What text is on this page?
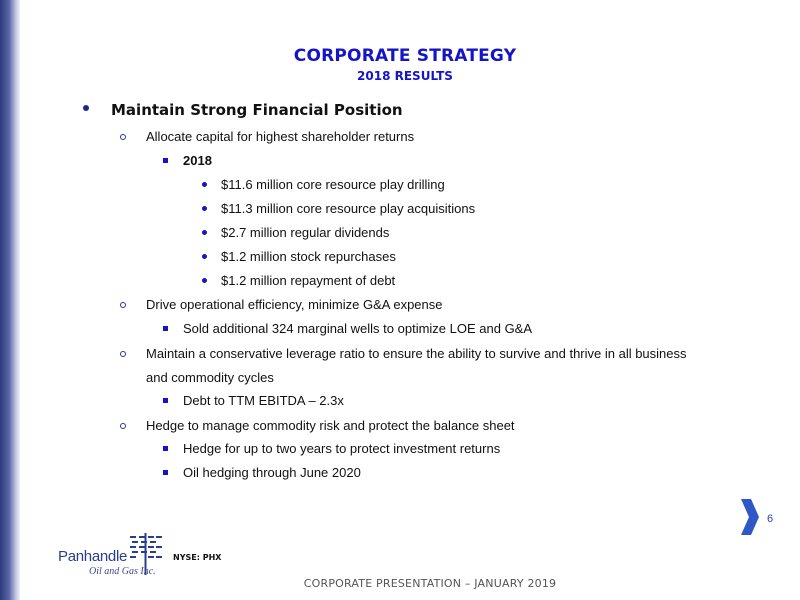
CORPORATE STRATEGY
2018 RESULTS
Maintain Strong Financial Position
Allocate capital for highest shareholder returns
2018
$11.6 million core resource play drilling
$11.3 million core resource play acquisitions
$2.7 million regular dividends
$1.2 million stock repurchases
$1.2 million repayment of debt
Drive operational efficiency, minimize G&A expense
Sold additional 324 marginal wells to optimize LOE and G&A
Maintain a conservative leverage ratio to ensure the ability to survive and thrive in all business
and commodity cycles
Debt to TTM EBITDA – 2.3x
Hedge to manage commodity risk and protect the balance sheet
Hedge for up to two years to protect investment returns
Oil hedging through June 2020
6
Panhandle
Oil and Gas Inc.
NYSE: PHX
CORPORATE PRESENTATION – JANUARY 2019
